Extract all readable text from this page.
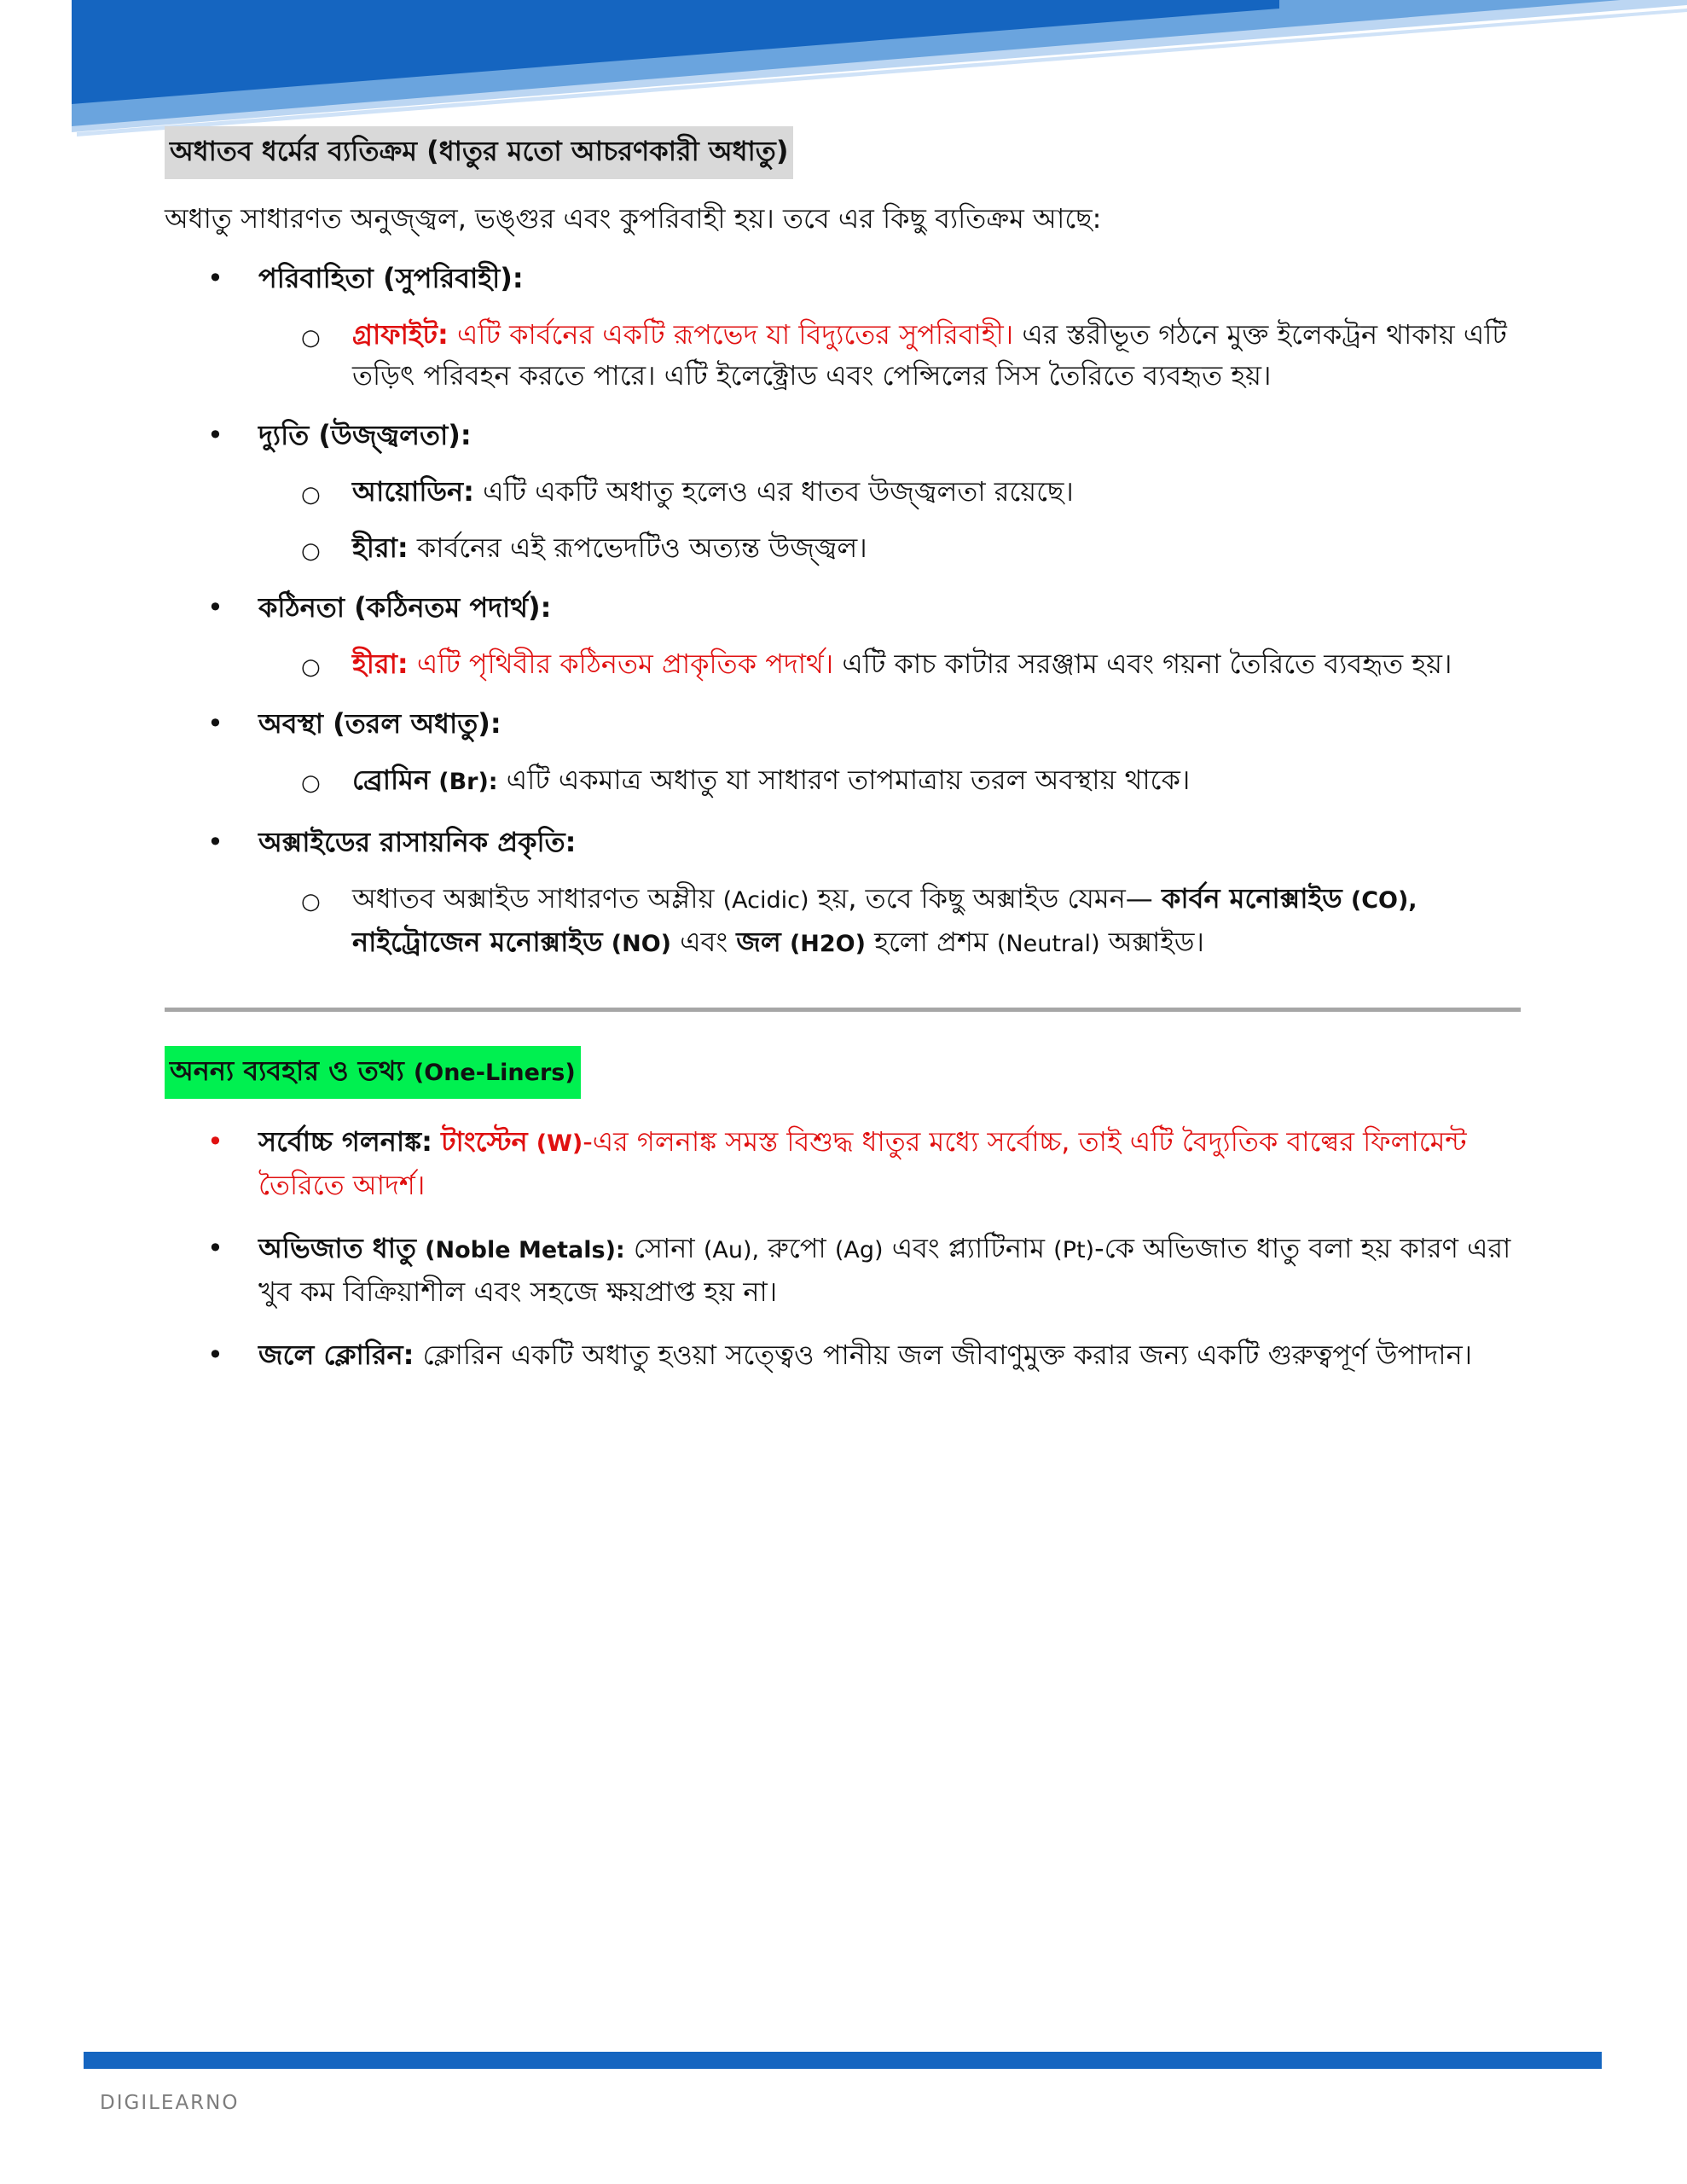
অধাতব ধর্মের ব্যতিক্রম (ধাতুর মতো আচরণকারী অধাতু)

অধাতু সাধারণত অনুজ্জ্বল, ভঙ্গুর এবং কুপরিবাহী হয়। তবে এর কিছু ব্যতিক্রম আছে:

• পরিবাহিতা (সুপরিবাহী):
○ গ্রাফাইট: এটি কার্বনের একটি রূপভেদ যা বিদ্যুতের সুপরিবাহী। এর স্তরীভূত গঠনে মুক্ত ইলেকট্রন থাকায় এটি তড়িৎ পরিবহন করতে পারে। এটি ইলেক্ট্রোড এবং পেন্সিলের সিস তৈরিতে ব্যবহৃত হয়।
• দ্যুতি (উজ্জ্বলতা):
○ আয়োডিন: এটি একটি অধাতু হলেও এর ধাতব উজ্জ্বলতা রয়েছে।
○ হীরা: কার্বনের এই রূপভেদটিও অত্যন্ত উজ্জ্বল।
• কঠিনতা (কঠিনতম পদার্থ):
○ হীরা: এটি পৃথিবীর কঠিনতম প্রাকৃতিক পদার্থ। এটি কাচ কাটার সরঞ্জাম এবং গয়না তৈরিতে ব্যবহৃত হয়।
• অবস্থা (তরল অধাতু):
○ ব্রোমিন (Br): এটি একমাত্র অধাতু যা সাধারণ তাপমাত্রায় তরল অবস্থায় থাকে।
• অক্সাইডের রাসায়নিক প্রকৃতি:
○ অধাতব অক্সাইড সাধারণত অম্লীয় (Acidic) হয়, তবে কিছু অক্সাইড যেমন— কার্বন মনোক্সাইড (CO), নাইট্রোজেন মনোক্সাইড (NO) এবং জল (H2O) হলো প্রশম (Neutral) অক্সাইড।
অনন্য ব্যবহার ও তথ্য (One-Liners)
• সর্বোচ্চ গলনাঙ্ক: টাংস্টেন (W)-এর গলনাঙ্ক সমস্ত বিশুদ্ধ ধাতুর মধ্যে সর্বোচ্চ, তাই এটি বৈদ্যুতিক বাল্বের ফিলামেন্ট তৈরিতে আদর্শ।
• অভিজাত ধাতু (Noble Metals): সোনা (Au), রুপো (Ag) এবং প্ল্যাটিনাম (Pt)-কে অভিজাত ধাতু বলা হয় কারণ এরা খুব কম বিক্রিয়াশীল এবং সহজে ক্ষয়প্রাপ্ত হয় না।
• জলে ক্লোরিন: ক্লোরিন একটি অধাতু হওয়া সত্ত্বেও পানীয় জল জীবাণুমুক্ত করার জন্য একটি গুরুত্বপূর্ণ উপাদান।
DIGILEARNO
